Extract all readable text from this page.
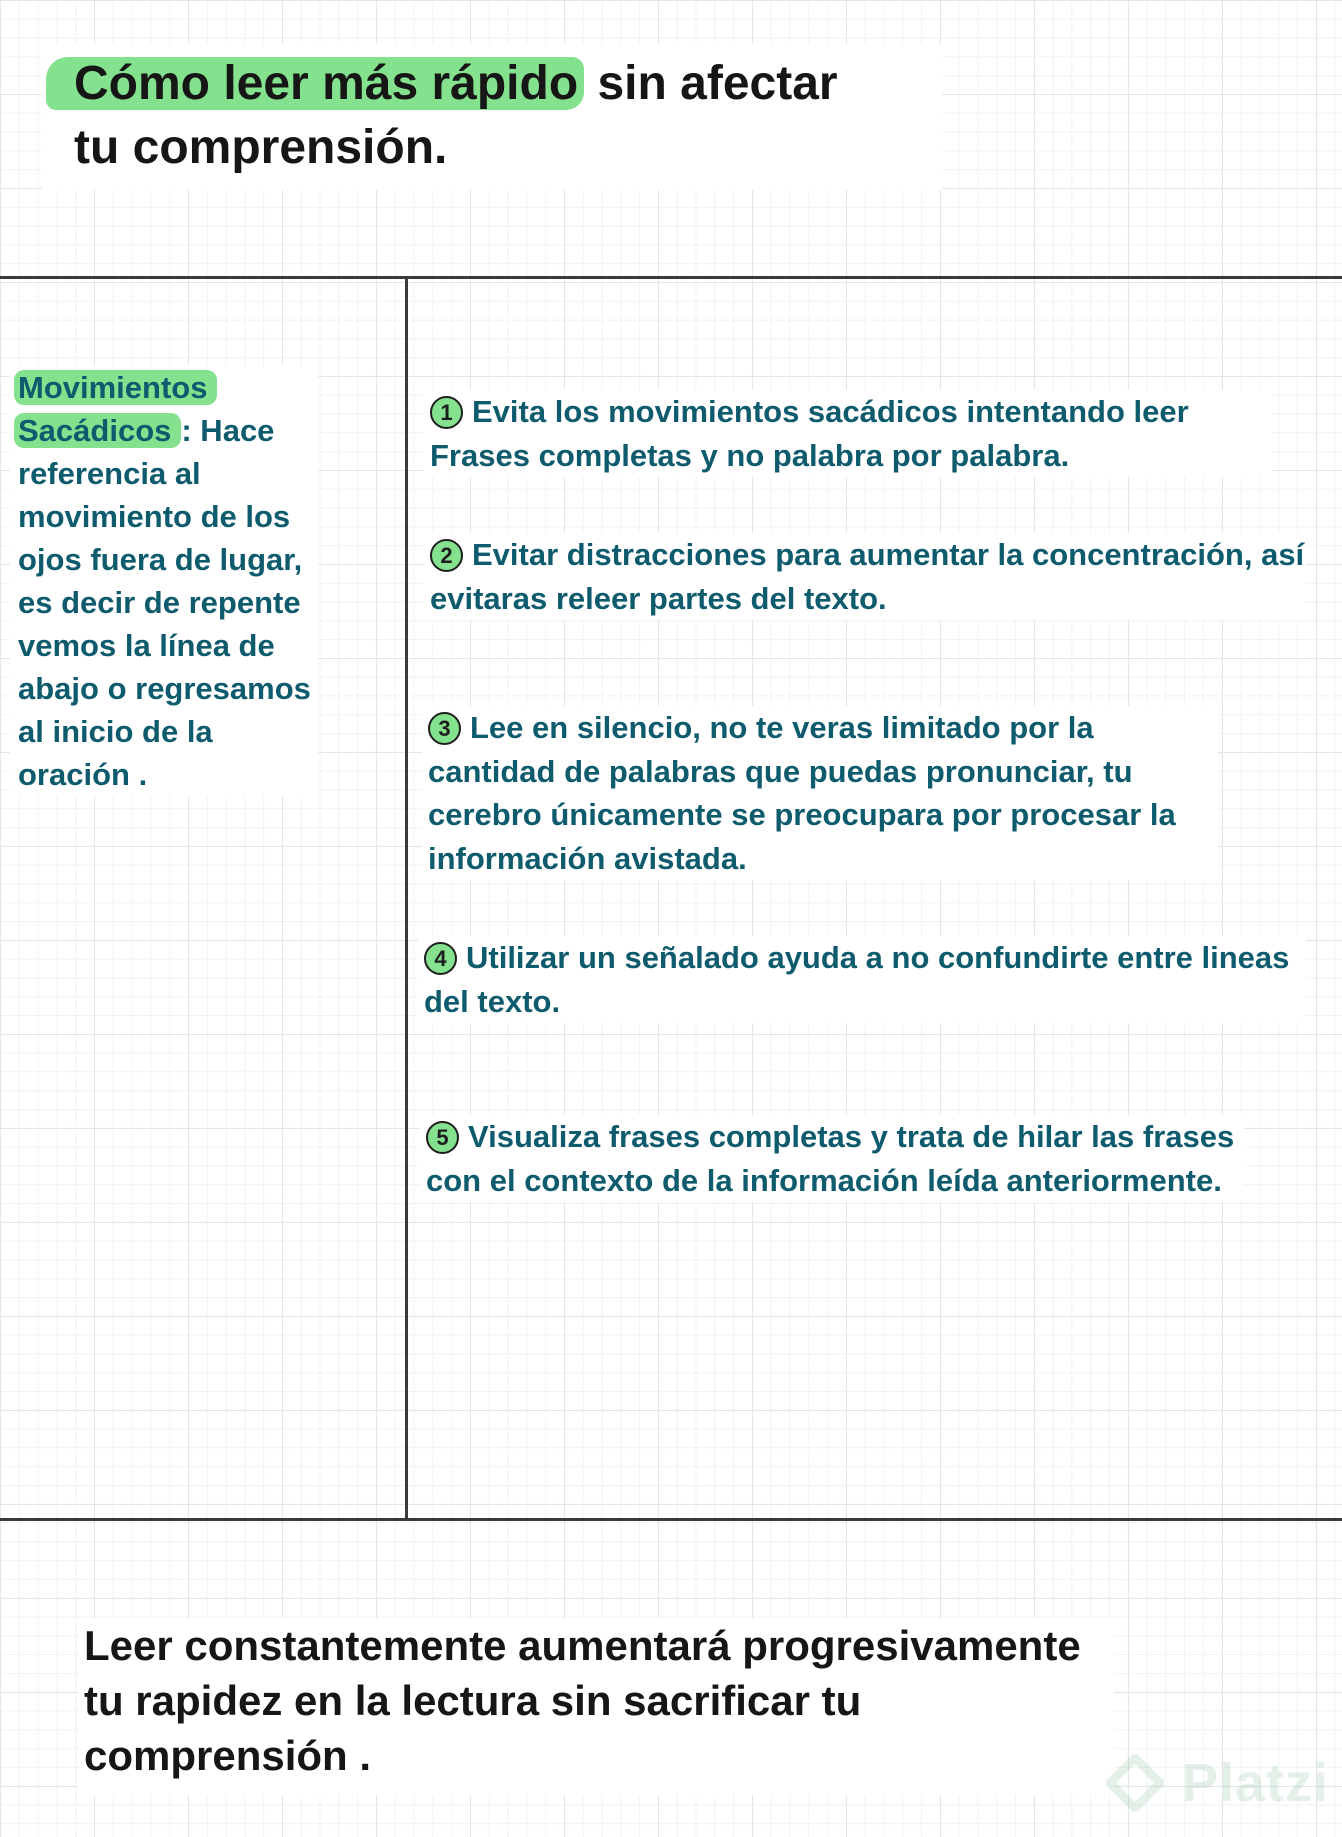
Cómo leer más rápido sin afectar
tu comprensión.
Movimientos
Sacádicos : Hace referencia al movimiento de los ojos fuera de lugar, es decir de repente vemos la línea de abajo o regresamos al inicio de la oración .
1 Evita los movimientos sacádicos intentando leer Frases completas y no palabra por palabra.
2 Evitar distracciones para aumentar la concentración, así evitaras releer partes del texto.
3 Lee en silencio, no te veras limitado por la cantidad de palabras que puedas pronunciar, tu cerebro únicamente se preocupara por procesar la información avistada.
4 Utilizar un señalado ayuda a no confundirte entre lineas del texto.
5 Visualiza frases completas y trata de hilar las frases con el contexto de la información leída anteriormente.
Leer constantemente aumentará progresivamente tu rapidez en la lectura sin sacrificar tu comprensión .	Platzi
